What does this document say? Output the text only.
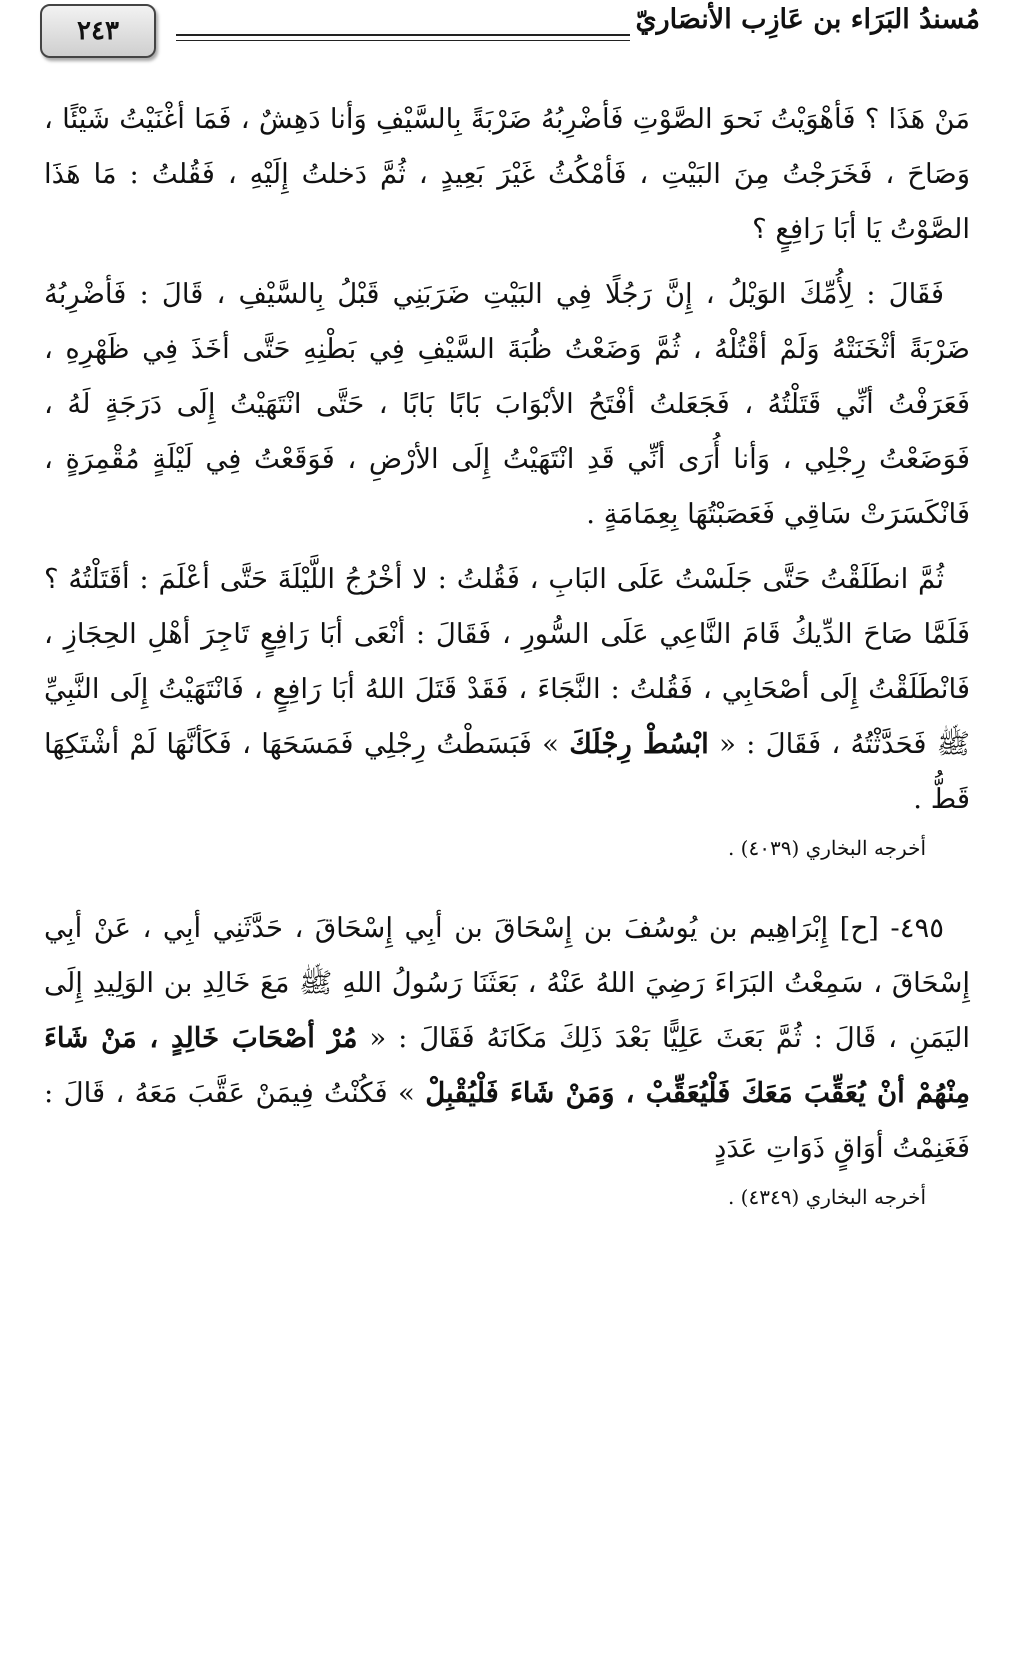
٢٤٣	مُسندُ البَرَاء بن عَازِب الأنصَاريّ

مَنْ هَذَا ؟ فَأهْوَيْتُ نَحوَ الصَّوْتِ فَأضْرِبُهُ ضَرْبَةً بِالسَّيْفِ وَأنا دَهِشٌ ، فَمَا أغْنَيْتُ شَيْئًا ، وَصَاحَ ، فَخَرَجْتُ مِنَ البَيْتِ ، فَأمْكُثُ غَيْرَ بَعِيدٍ ، ثُمَّ دَخلتُ إِلَيْهِ ، فَقُلتُ : مَا هَذَا الصَّوْتُ يَا أبَا رَافِعٍ ؟

فَقَالَ : لِأُمِّكَ الوَيْلُ ، إِنَّ رَجُلًا فِي البَيْتِ ضَرَبَنِي قَبْلُ بِالسَّيْفِ ، قَالَ : فَأضْرِبُهُ ضَرْبَةً أثْخَنَتْهُ وَلَمْ أقْتُلْهُ ، ثُمَّ وَضَعْتُ ظُبَةَ السَّيْفِ فِي بَطْنِهِ حَتَّى أخَذَ فِي ظَهْرِهِ ، فَعَرَفْتُ أنِّي قَتَلْتُهُ ، فَجَعَلتُ أفْتَحُ الأبْوَابَ بَابًا بَابًا ، حَتَّى انْتَهَيْتُ إِلَى دَرَجَةٍ لَهُ ، فَوَضَعْتُ رِجْلِي ، وَأنا أُرَى أنِّي قَدِ انْتَهَيْتُ إِلَى الأرْضِ ، فَوَقَعْتُ فِي لَيْلَةٍ مُقْمِرَةٍ ، فَانْكَسَرَتْ سَاقِي فَعَصَبْتُهَا بِعِمَامَةٍ .

ثُمَّ انطَلَقْتُ حَتَّى جَلَسْتُ عَلَى البَابِ ، فَقُلتُ : لا أخْرُجُ اللَّيْلَةَ حَتَّى أعْلَمَ : أقَتَلْتُهُ ؟ فَلَمَّا صَاحَ الدِّيكُ قَامَ النَّاعِي عَلَى السُّورِ ، فَقَالَ : أنْعَى أبَا رَافِعٍ تَاجِرَ أهْلِ الحِجَازِ ، فَانْطَلَقْتُ إِلَى أصْحَابِي ، فَقُلتُ : النَّجَاءَ ، فَقَدْ قَتَلَ اللهُ أبَا رَافِعٍ ، فَانْتَهَيْتُ إِلَى النَّبِيِّ ﷺ فَحَدَّثْتُهُ ، فَقَالَ : « ابْسُطْ رِجْلَكَ » فَبَسَطْتُ رِجْلِي فَمَسَحَهَا ، فَكَأنَّهَا لَمْ أشْتَكِهَا قَطُّ .

أخرجه البخاري (٤٠٣٩) .

٤٩٥- [ح] إِبْرَاهِيم بن يُوسُفَ بن إِسْحَاقَ بن أبِي إِسْحَاقَ ، حَدَّثَنِي أبِي ، عَنْ أبِي إِسْحَاقَ ، سَمِعْتُ البَرَاءَ رَضِيَ اللهُ عَنْهُ ، بَعَثَنَا رَسُولُ اللهِ ﷺ مَعَ خَالِدِ بن الوَلِيدِ إِلَى اليَمَنِ ، قَالَ : ثُمَّ بَعَثَ عَلِيًّا بَعْدَ ذَلِكَ مَكَانَهُ فَقَالَ : « مُرْ أصْحَابَ خَالِدٍ ، مَنْ شَاءَ مِنْهُمْ أنْ يُعَقِّبَ مَعَكَ فَلْيُعَقِّبْ ، وَمَنْ شَاءَ فَلْيُقْبِلْ » فَكُنْتُ فِيمَنْ عَقَّبَ مَعَهُ ، قَالَ : فَغَنِمْتُ أوَاقٍ ذَوَاتِ عَدَدٍ

أخرجه البخاري (٤٣٤٩) .
